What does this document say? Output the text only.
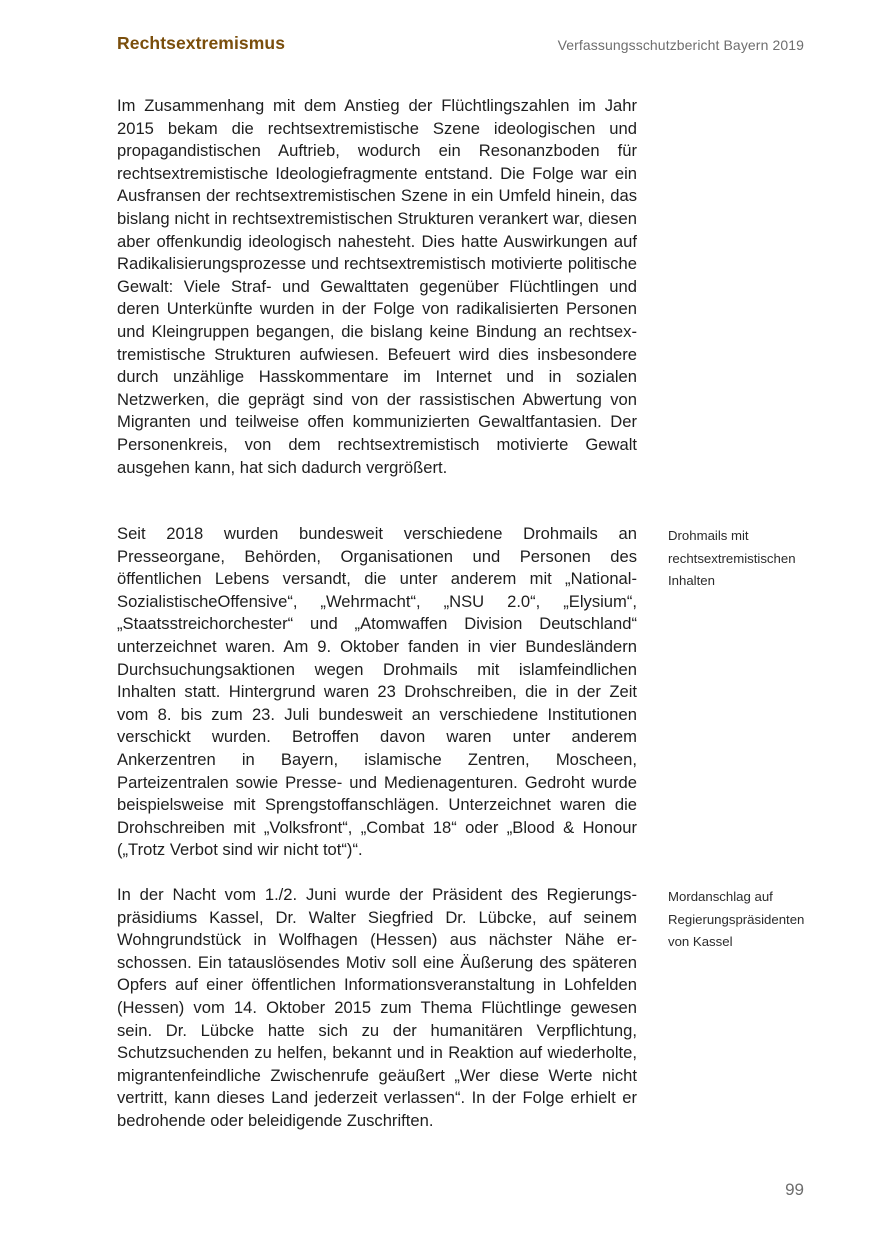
Rechtsextremismus	Verfassungsschutzbericht Bayern 2019

Im Zusammenhang mit dem Anstieg der Flüchtlingszahlen im Jahr 2015 bekam die rechtsextremistische Szene ideologischen und propagandistischen Auftrieb, wodurch ein Resonanzboden für rechtsextremistische Ideologiefragmente entstand. Die Folge war ein Ausfransen der rechtsextremistischen Szene in ein Umfeld hinein, das bislang nicht in rechtsextremistischen Strukturen verankert war, diesen aber offenkundig ideologisch nahesteht. Dies hatte Auswirkungen auf Radikalisierungsprozesse und rechtsextremistisch motivierte politische Gewalt: Viele Straf- und Gewalttaten gegenüber Flüchtlingen und deren Unterkünfte wurden in der Folge von radikalisierten Personen und Kleingruppen begangen, die bislang keine Bindung an rechtsextremistische Strukturen aufwiesen. Befeuert wird dies insbesondere durch unzählige Hasskommentare im Internet und in sozialen Netzwerken, die geprägt sind von der rassistischen Abwertung von Migranten und teilweise offen kommunizierten Gewaltfantasien. Der Personenkreis, von dem rechtsextremistisch motivierte Gewalt ausgehen kann, hat sich dadurch vergrößert.

Seit 2018 wurden bundesweit verschiedene Drohmails an Presseorgane, Behörden, Organisationen und Personen des öffentlichen Lebens versandt, die unter anderem mit „NationalSozialistischeOffensive“, „Wehrmacht“, „NSU 2.0“, „Elysium“, „Staatsstreichorchester“ und „Atomwaffen Division Deutschland“ unterzeichnet waren. Am 9. Oktober fanden in vier Bundesländern Durchsuchungsaktionen wegen Drohmails mit islamfeindlichen Inhalten statt. Hintergrund waren 23 Drohschreiben, die in der Zeit vom 8. bis zum 23. Juli bundesweit an verschiedene Institutionen verschickt wurden. Betroffen davon waren unter anderem Ankerzentren in Bayern, islamische Zentren, Moscheen, Parteizentralen sowie Presse- und Medienagenturen. Gedroht wurde beispielsweise mit Sprengstoffanschlägen. Unterzeichnet waren die Drohschreiben mit „Volksfront“, „Combat 18“ oder „Blood & Honour („Trotz Verbot sind wir nicht tot“)“.

Drohmails mit rechtsextremistischen Inhalten

In der Nacht vom 1./2. Juni wurde der Präsident des Regierungspräsidiums Kassel, Dr. Walter Siegfried Dr. Lübcke, auf seinem Wohngrundstück in Wolfhagen (Hessen) aus nächster Nähe erschossen. Ein tatauslösendes Motiv soll eine Äußerung des späteren Opfers auf einer öffentlichen Informationsveranstaltung in Lohfelden (Hessen) vom 14. Oktober 2015 zum Thema Flüchtlinge gewesen sein. Dr. Lübcke hatte sich zu der humanitären Verpflichtung, Schutzsuchenden zu helfen, bekannt und in Reaktion auf wiederholte, migrantenfeindliche Zwischenrufe geäußert „Wer diese Werte nicht vertritt, kann dieses Land jederzeit verlassen“. In der Folge erhielt er bedrohende oder beleidigende Zuschriften.

Mordanschlag auf Regierungspräsidenten von Kassel
99
